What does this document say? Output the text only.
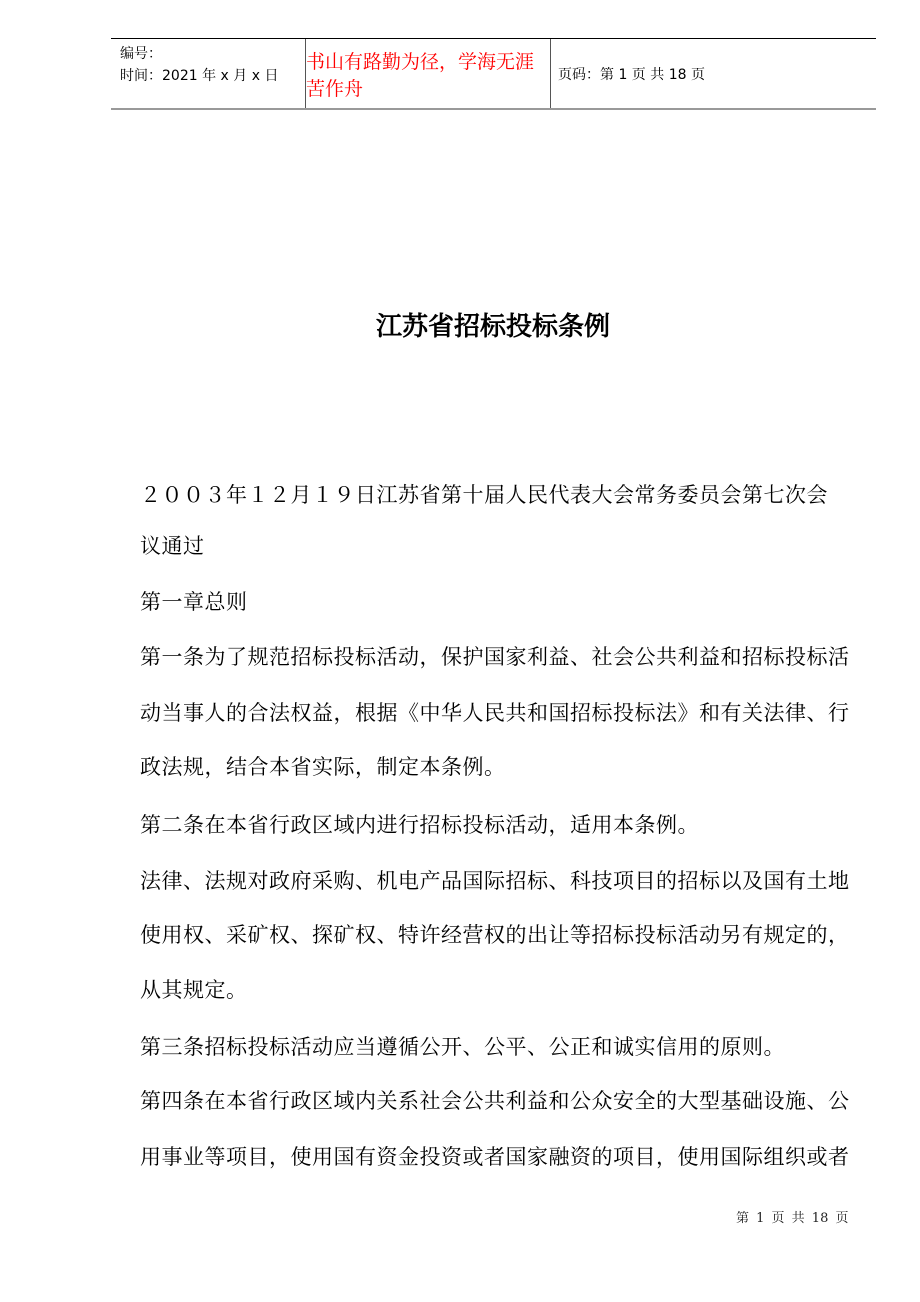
编号：
时间：2021 年 x 月 x 日
书山有路勤为径，学海无涯苦作舟
页码：第 1 页 共 18 页
江苏省招标投标条例
２００３年１２月１９日江苏省第十届人民代表大会常务委员会第七次会
议通过
第一章总则
第一条为了规范招标投标活动，保护国家利益、社会公共利益和招标投标活
动当事人的合法权益，根据《中华人民共和国招标投标法》和有关法律、行
政法规，结合本省实际，制定本条例。
第二条在本省行政区域内进行招标投标活动，适用本条例。
法律、法规对政府采购、机电产品国际招标、科技项目的招标以及国有土地
使用权、采矿权、探矿权、特许经营权的出让等招标投标活动另有规定的，
从其规定。
第三条招标投标活动应当遵循公开、公平、公正和诚实信用的原则。
第四条在本省行政区域内关系社会公共利益和公众安全的大型基础设施、公
用事业等项目，使用国有资金投资或者国家融资的项目，使用国际组织或者
第 1 页 共 18 页
